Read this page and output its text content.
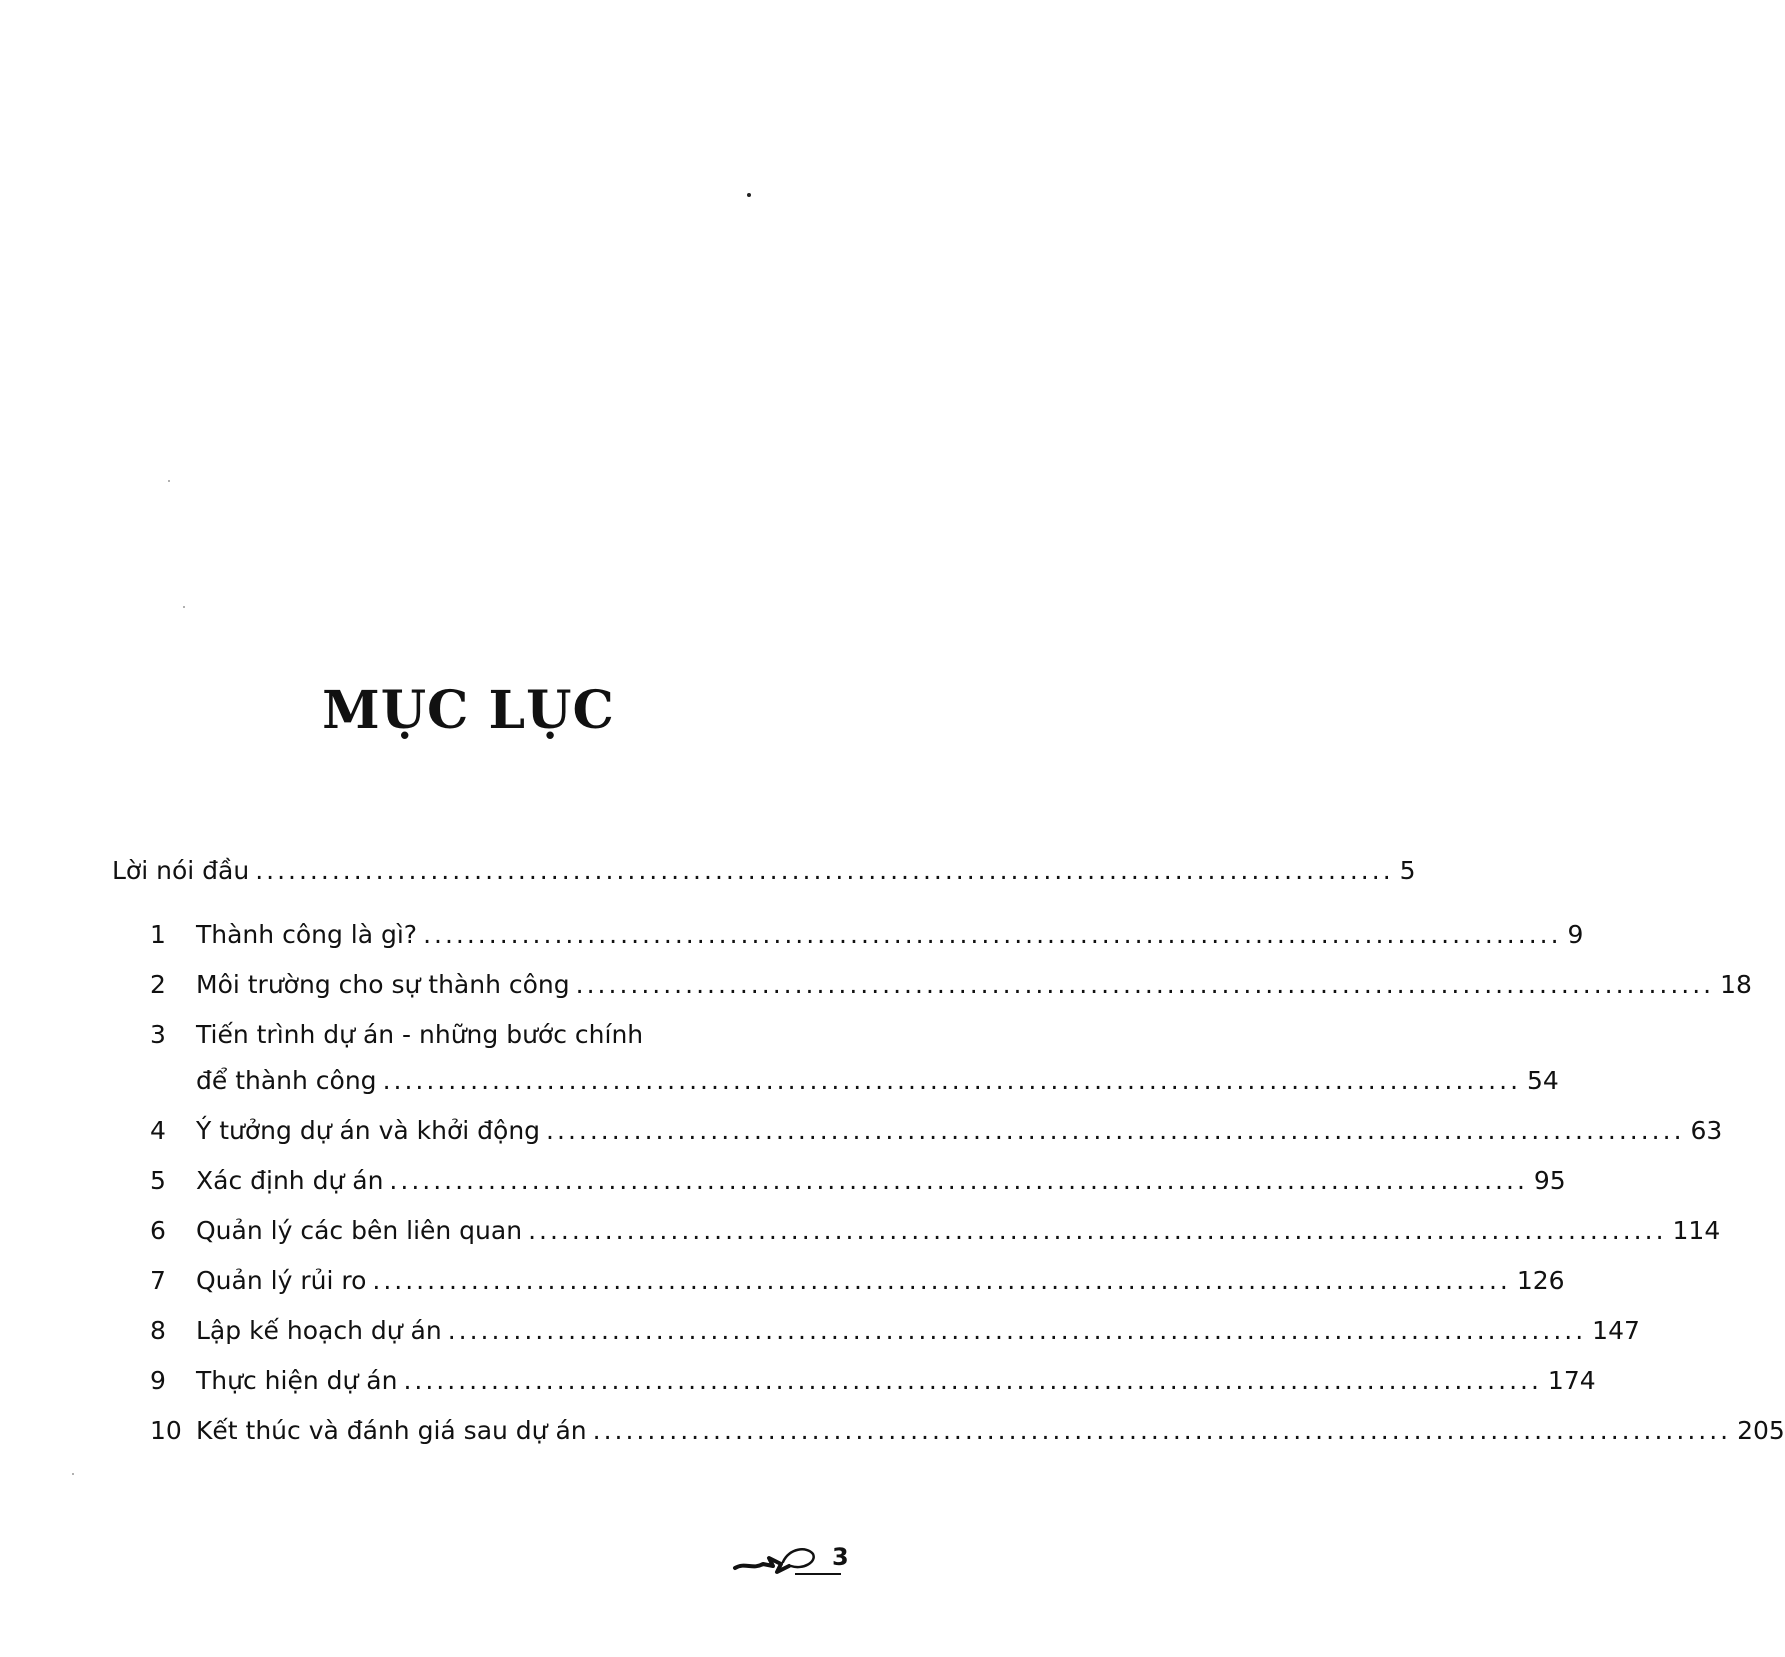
MỤC LỤC
Lời nói đầu ........................................................................................................ 5
1	Thành công là gì? ........................................................................................................ 9
2	Môi trường cho sự thành công ........................................................................................................ 18
3	Tiến trình dự án - những bước chính
để thành công ........................................................................................................ 54
4	Ý tưởng dự án và khởi động ........................................................................................................ 63
5	Xác định dự án ........................................................................................................ 95
6	Quản lý các bên liên quan ........................................................................................................ 114
7	Quản lý rủi ro ........................................................................................................ 126
8	Lập kế hoạch dự án ........................................................................................................ 147
9	Thực hiện dự án ........................................................................................................ 174
10 Kết thúc và đánh giá sau dự án ........................................................................................................ 205
3
